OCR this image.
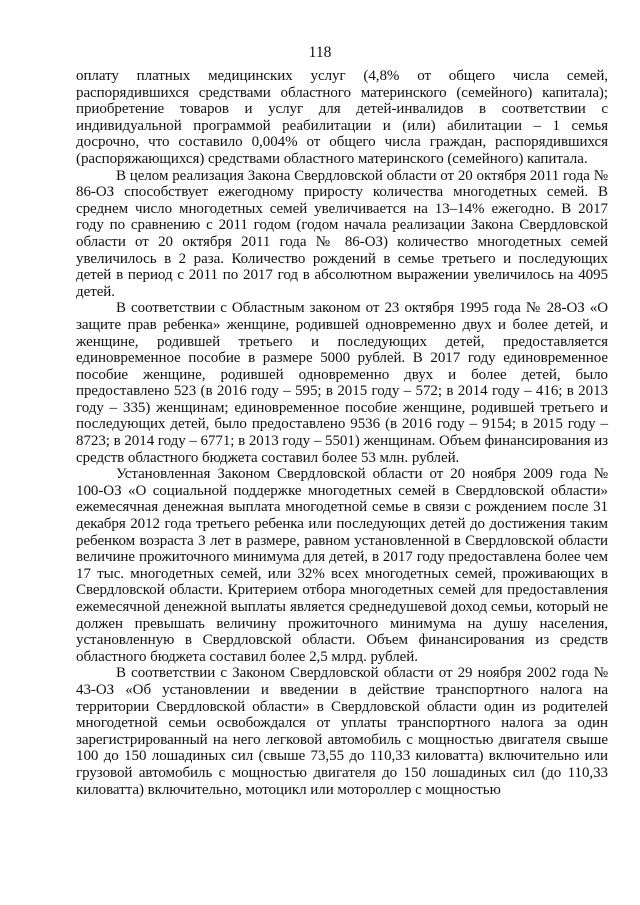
118

оплату платных медицинских услуг (4,8% от общего числа семей, распорядившихся средствами областного материнского (семейного) капитала); приобретение товаров и услуг для детей-инвалидов в соответствии с индивидуальной программой реабилитации и (или) абилитации – 1 семья досрочно, что составило 0,004% от общего числа граждан, распорядившихся (распоряжающихся) средствами областного материнского (семейного) капитала.

В целом реализация Закона Свердловской области от 20 октября 2011 года № 86-ОЗ способствует ежегодному приросту количества многодетных семей. В среднем число многодетных семей увеличивается на 13–14% ежегодно. В 2017 году по сравнению с 2011 годом (годом начала реализации Закона Свердловской области от 20 октября 2011 года № 86-ОЗ) количество многодетных семей увеличилось в 2 раза. Количество рождений в семье третьего и последующих детей в период с 2011 по 2017 год в абсолютном выражении увеличилось на 4095 детей.

В соответствии с Областным законом от 23 октября 1995 года № 28-ОЗ «О защите прав ребенка» женщине, родившей одновременно двух и более детей, и женщине, родившей третьего и последующих детей, предоставляется единовременное пособие в размере 5000 рублей. В 2017 году единовременное пособие женщине, родившей одновременно двух и более детей, было предоставлено 523 (в 2016 году – 595; в 2015 году – 572; в 2014 году – 416; в 2013 году – 335) женщинам; единовременное пособие женщине, родившей третьего и последующих детей, было предоставлено 9536 (в 2016 году – 9154; в 2015 году – 8723; в 2014 году – 6771; в 2013 году – 5501) женщинам. Объем финансирования из средств областного бюджета составил более 53 млн. рублей.

Установленная Законом Свердловской области от 20 ноября 2009 года № 100-ОЗ «О социальной поддержке многодетных семей в Свердловской области» ежемесячная денежная выплата многодетной семье в связи с рождением после 31 декабря 2012 года третьего ребенка или последующих детей до достижения таким ребенком возраста 3 лет в размере, равном установленной в Свердловской области величине прожиточного минимума для детей, в 2017 году предоставлена более чем 17 тыс. многодетных семей, или 32% всех многодетных семей, проживающих в Свердловской области. Критерием отбора многодетных семей для предоставления ежемесячной денежной выплаты является среднедушевой доход семьи, который не должен превышать величину прожиточного минимума на душу населения, установленную в Свердловской области. Объем финансирования из средств областного бюджета составил более 2,5 млрд. рублей.

В соответствии с Законом Свердловской области от 29 ноября 2002 года № 43-ОЗ «Об установлении и введении в действие транспортного налога на территории Свердловской области» в Свердловской области один из родителей многодетной семьи освобождался от уплаты транспортного налога за один зарегистрированный на него легковой автомобиль с мощностью двигателя свыше 100 до 150 лошадиных сил (свыше 73,55 до 110,33 киловатта) включительно или грузовой автомобиль с мощностью двигателя до 150 лошадиных сил (до 110,33 киловатта) включительно, мотоцикл или мотороллер с мощностью
